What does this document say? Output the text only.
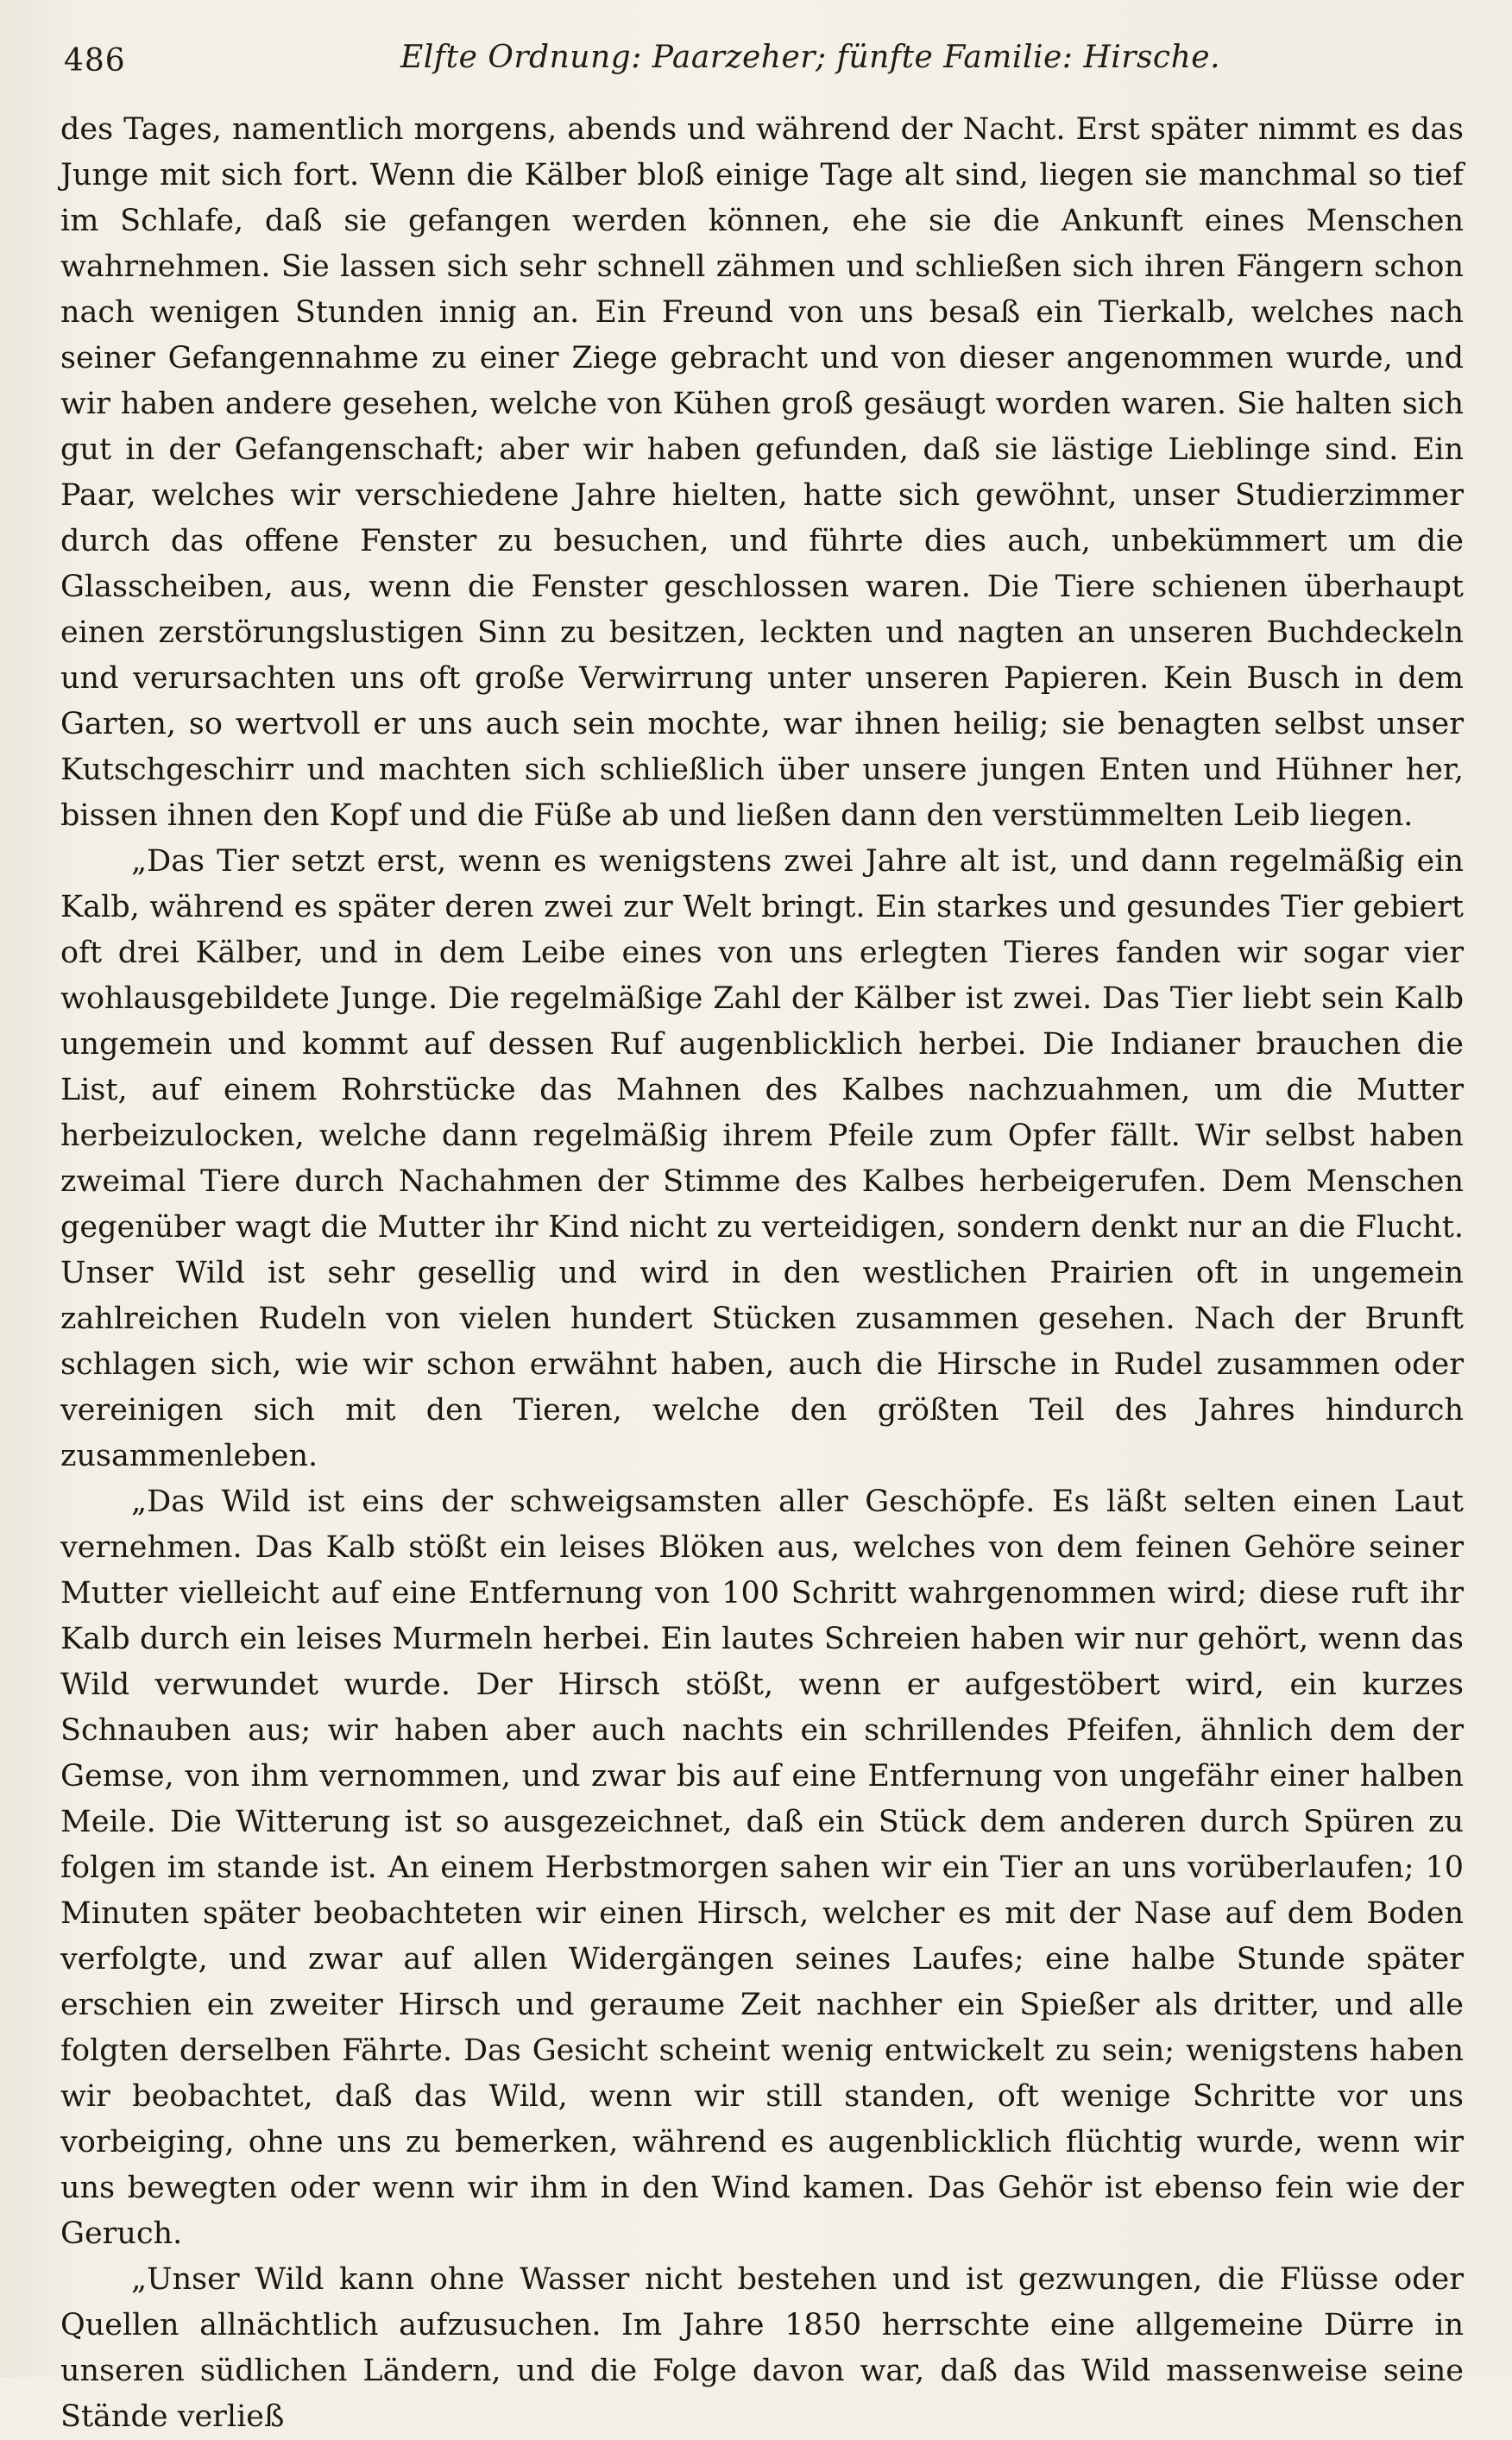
486	Elfte Ordnung: Paarzeher; fünfte Familie: Hirsche.

des Tages, namentlich morgens, abends und während der Nacht. Erst später nimmt es das Junge mit sich fort. Wenn die Kälber bloß einige Tage alt sind, liegen sie manchmal so tief im Schlafe, daß sie gefangen werden können, ehe sie die Ankunft eines Menschen wahrnehmen. Sie lassen sich sehr schnell zähmen und schließen sich ihren Fängern schon nach wenigen Stunden innig an. Ein Freund von uns besaß ein Tierkalb, welches nach seiner Gefangennahme zu einer Ziege gebracht und von dieser angenommen wurde, und wir haben andere gesehen, welche von Kühen groß gesäugt worden waren. Sie halten sich gut in der Gefangenschaft; aber wir haben gefunden, daß sie lästige Lieblinge sind. Ein Paar, welches wir verschiedene Jahre hielten, hatte sich gewöhnt, unser Studierzimmer durch das offene Fenster zu besuchen, und führte dies auch, unbekümmert um die Glasscheiben, aus, wenn die Fenster geschlossen waren. Die Tiere schienen überhaupt einen zerstörungslustigen Sinn zu besitzen, leckten und nagten an unseren Buchdeckeln und verursachten uns oft große Verwirrung unter unseren Papieren. Kein Busch in dem Garten, so wertvoll er uns auch sein mochte, war ihnen heilig; sie benagten selbst unser Kutschgeschirr und machten sich schließlich über unsere jungen Enten und Hühner her, bissen ihnen den Kopf und die Füße ab und ließen dann den verstümmelten Leib liegen.

„Das Tier setzt erst, wenn es wenigstens zwei Jahre alt ist, und dann regelmäßig ein Kalb, während es später deren zwei zur Welt bringt. Ein starkes und gesundes Tier gebiert oft drei Kälber, und in dem Leibe eines von uns erlegten Tieres fanden wir sogar vier wohlausgebildete Junge. Die regelmäßige Zahl der Kälber ist zwei. Das Tier liebt sein Kalb ungemein und kommt auf dessen Ruf augenblicklich herbei. Die Indianer brauchen die List, auf einem Rohrstücke das Mahnen des Kalbes nachzuahmen, um die Mutter herbeizulocken, welche dann regelmäßig ihrem Pfeile zum Opfer fällt. Wir selbst haben zweimal Tiere durch Nachahmen der Stimme des Kalbes herbeigerufen. Dem Menschen gegenüber wagt die Mutter ihr Kind nicht zu verteidigen, sondern denkt nur an die Flucht. Unser Wild ist sehr gesellig und wird in den westlichen Prairien oft in ungemein zahlreichen Rudeln von vielen hundert Stücken zusammen gesehen. Nach der Brunft schlagen sich, wie wir schon erwähnt haben, auch die Hirsche in Rudel zusammen oder vereinigen sich mit den Tieren, welche den größten Teil des Jahres hindurch zusammenleben.

„Das Wild ist eins der schweigsamsten aller Geschöpfe. Es läßt selten einen Laut vernehmen. Das Kalb stößt ein leises Blöken aus, welches von dem feinen Gehöre seiner Mutter vielleicht auf eine Entfernung von 100 Schritt wahrgenommen wird; diese ruft ihr Kalb durch ein leises Murmeln herbei. Ein lautes Schreien haben wir nur gehört, wenn das Wild verwundet wurde. Der Hirsch stößt, wenn er aufgestöbert wird, ein kurzes Schnauben aus; wir haben aber auch nachts ein schrillendes Pfeifen, ähnlich dem der Gemse, von ihm vernommen, und zwar bis auf eine Entfernung von ungefähr einer halben Meile. Die Witterung ist so ausgezeichnet, daß ein Stück dem anderen durch Spüren zu folgen im stande ist. An einem Herbstmorgen sahen wir ein Tier an uns vorüberlaufen; 10 Minuten später beobachteten wir einen Hirsch, welcher es mit der Nase auf dem Boden verfolgte, und zwar auf allen Widergängen seines Laufes; eine halbe Stunde später erschien ein zweiter Hirsch und geraume Zeit nachher ein Spießer als dritter, und alle folgten derselben Fährte. Das Gesicht scheint wenig entwickelt zu sein; wenigstens haben wir beobachtet, daß das Wild, wenn wir still standen, oft wenige Schritte vor uns vorbeiging, ohne uns zu bemerken, während es augenblicklich flüchtig wurde, wenn wir uns bewegten oder wenn wir ihm in den Wind kamen. Das Gehör ist ebenso fein wie der Geruch.

„Unser Wild kann ohne Wasser nicht bestehen und ist gezwungen, die Flüsse oder Quellen allnächtlich aufzusuchen. Im Jahre 1850 herrschte eine allgemeine Dürre in unseren südlichen Ländern, und die Folge davon war, daß das Wild massenweise seine Stände verließ
